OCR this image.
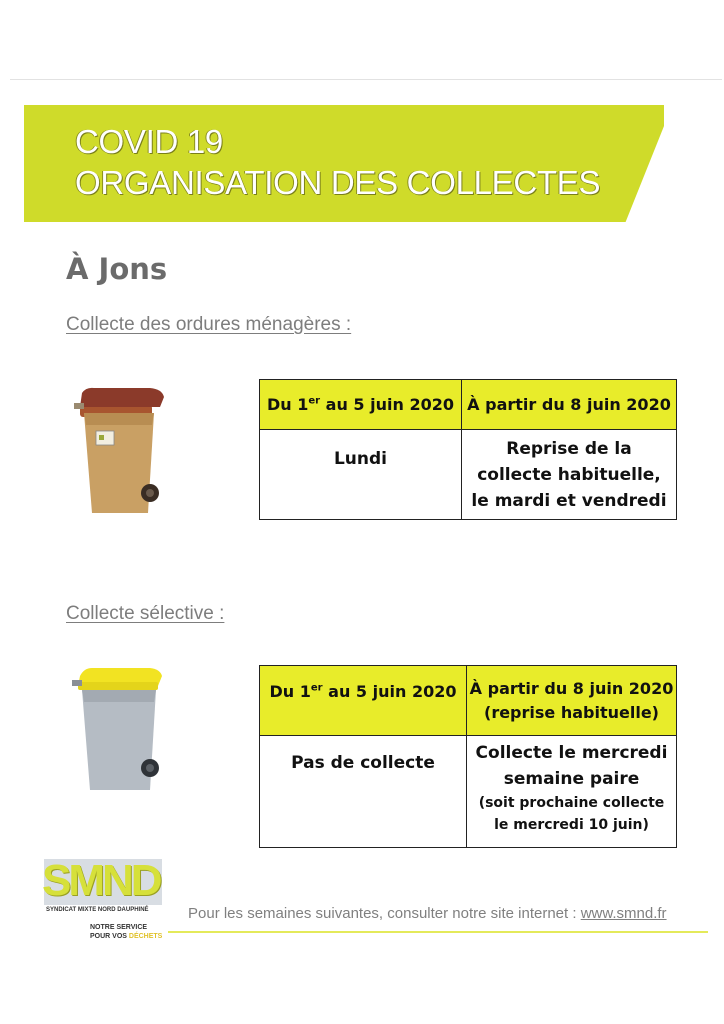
COVID 19
ORGANISATION DES COLLECTES
À Jons
Collecte des ordures ménagères :
Du 1er au 5 juin 2020	À partir du 8 juin 2020
Lundi	Reprise de la
collecte habituelle,
le mardi et vendredi
Collecte sélective :
Du 1er au 5 juin 2020	À partir du 8 juin 2020
(reprise habituelle)

Pas de collecte	Collecte le mercredi
semaine paire
(soit prochaine collecte
le mercredi 10 juin)
SMND
SYNDICAT MIXTE NORD DAUPHINÉ
NOTRE SERVICE
POUR VOS DÉCHETS
Pour les semaines suivantes, consulter notre site internet : www.smnd.fr
